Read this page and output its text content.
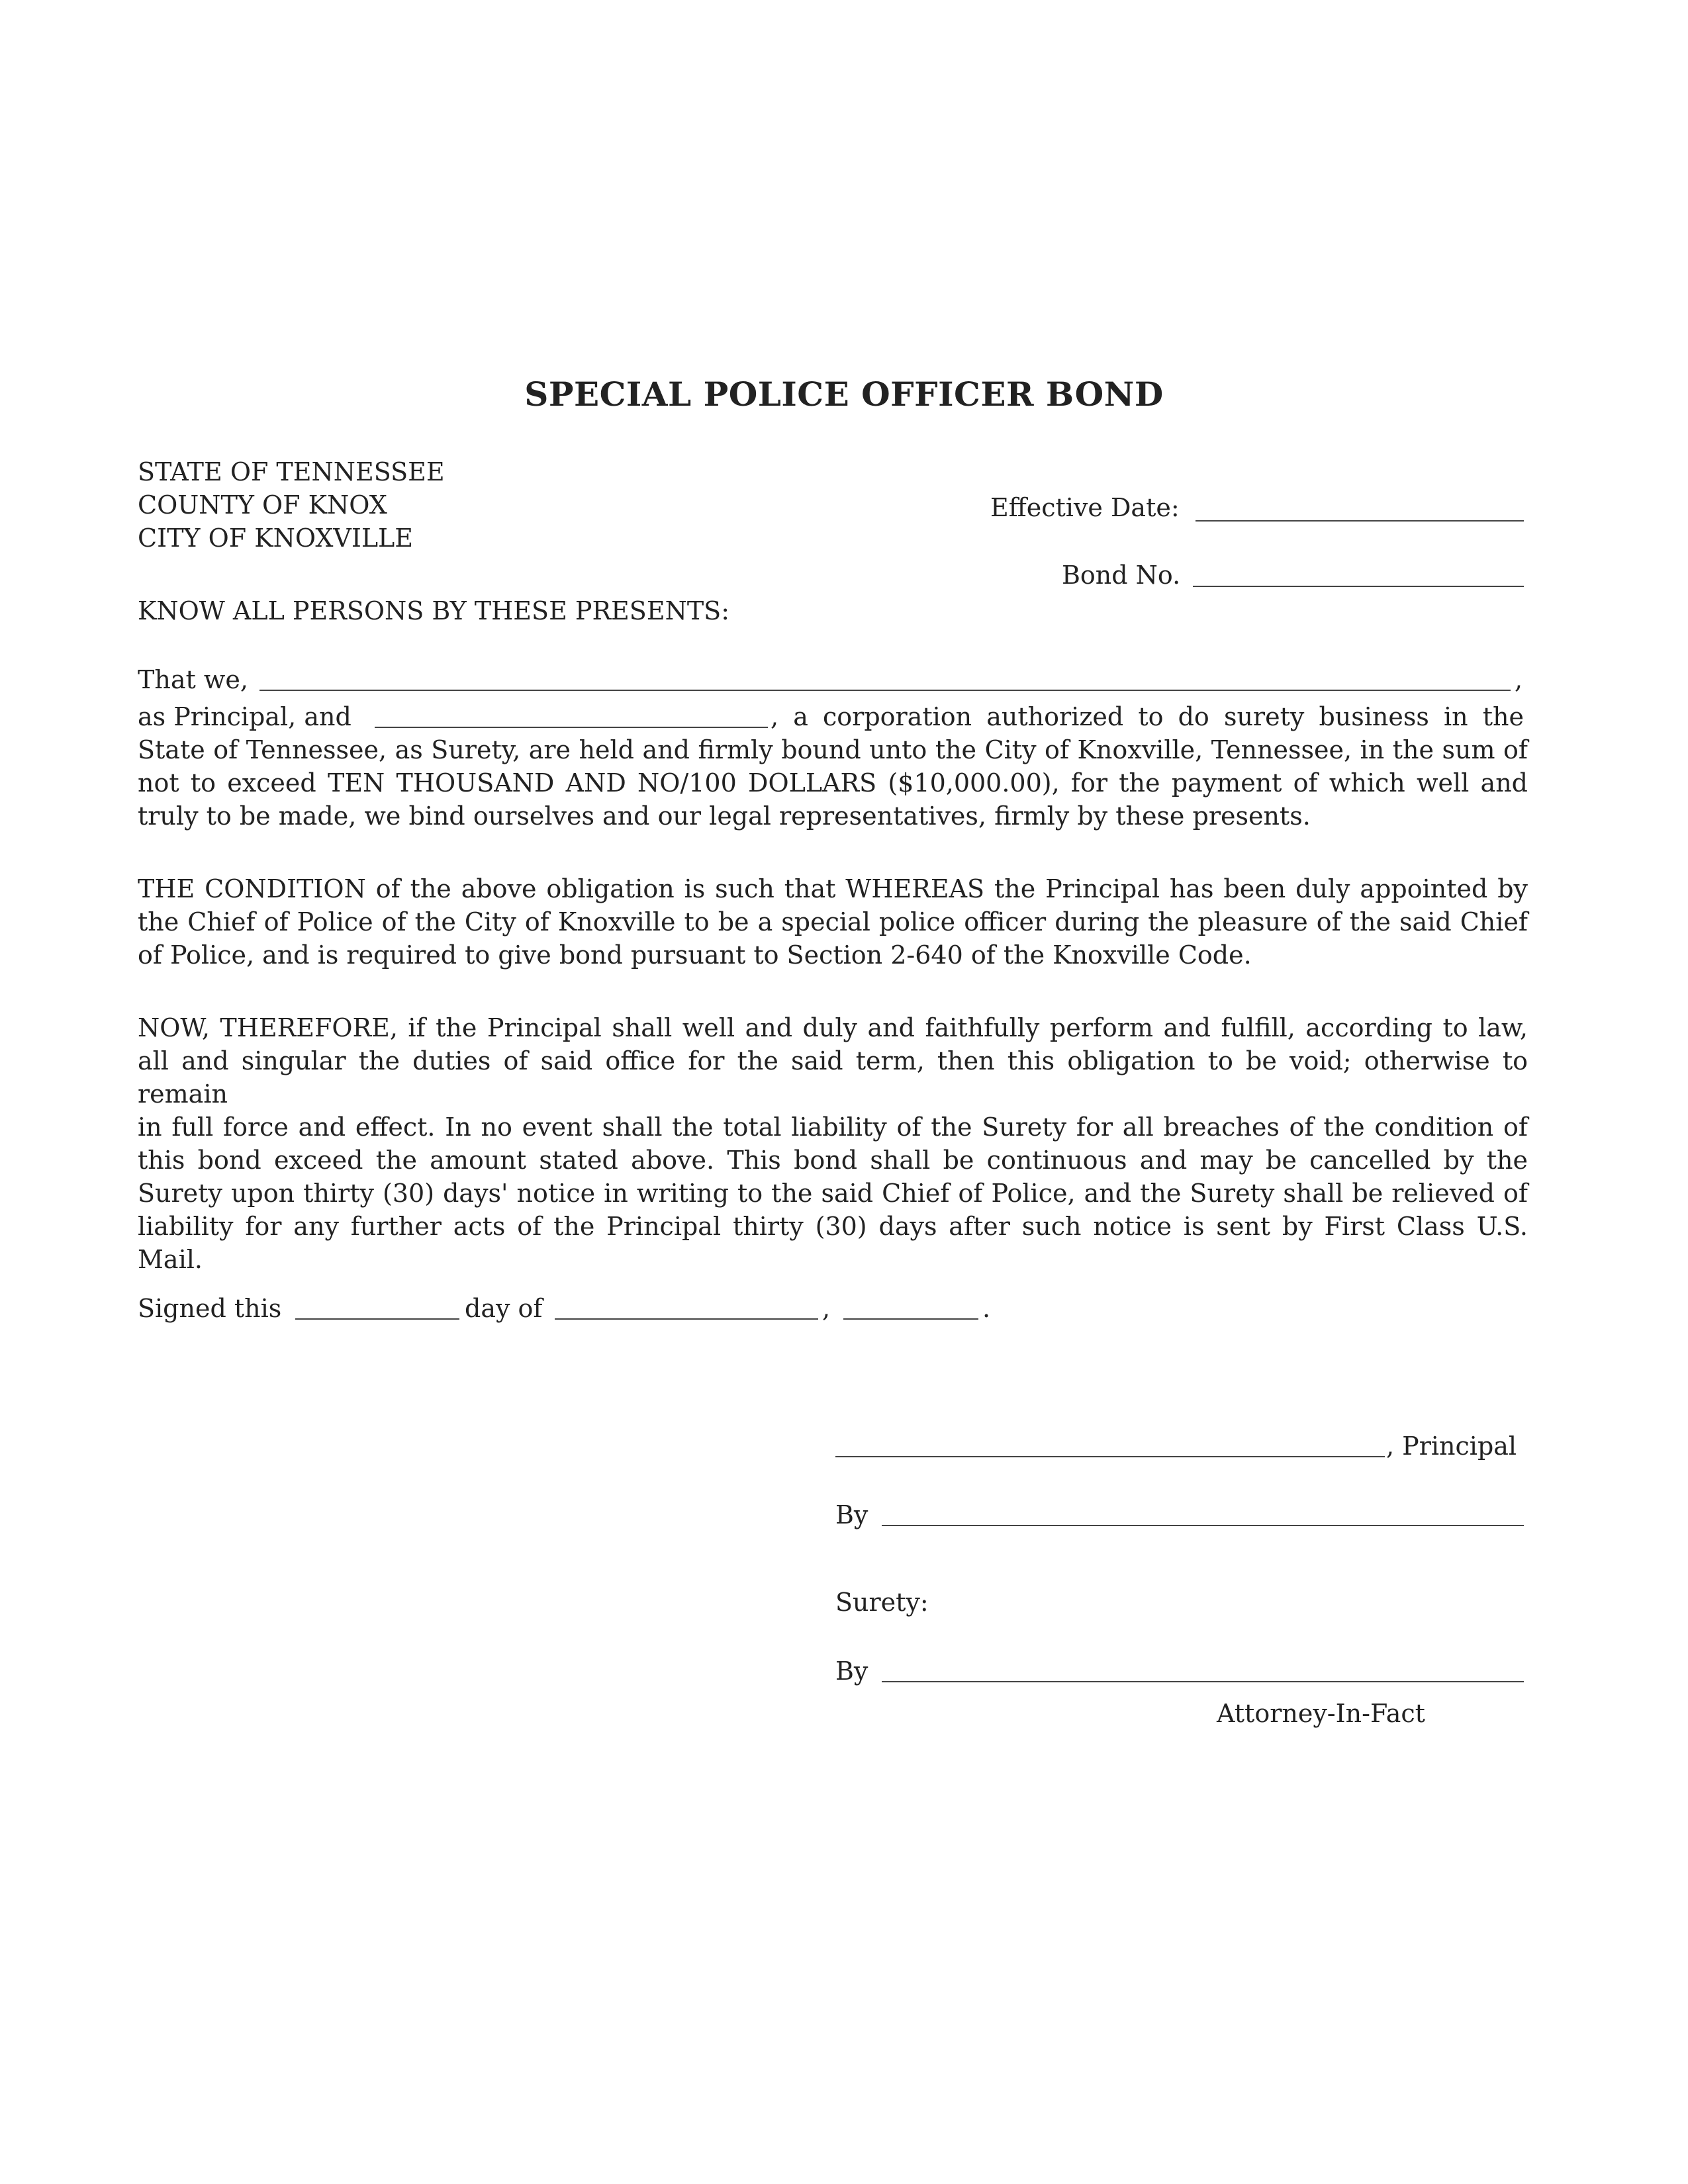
SPECIAL POLICE OFFICER BOND
STATE OF TENNESSEE
COUNTY OF KNOX
CITY OF KNOXVILLE
Effective Date:
Bond No.
KNOW ALL PERSONS BY THESE PRESENTS:
That we,	,
as Principal, and	, a corporation authorized to do surety business in the
State of Tennessee, as Surety, are held and firmly bound unto the City of Knoxville, Tennessee, in the sum of
not to exceed TEN THOUSAND AND NO/100 DOLLARS ($10,000.00), for the payment of which well and
truly to be made, we bind ourselves and our legal representatives, firmly by these presents.
THE CONDITION of the above obligation is such that WHEREAS the Principal has been duly appointed by
the Chief of Police of the City of Knoxville to be a special police officer during the pleasure of the said Chief
of Police, and is required to give bond pursuant to Section 2-640 of the Knoxville Code.
NOW, THEREFORE, if the Principal shall well and duly and faithfully perform and fulfill, according to law,
all and singular the duties of said office for the said term, then this obligation to be void; otherwise to remain
in full force and effect. In no event shall the total liability of the Surety for all breaches of the condition of
this bond exceed the amount stated above. This bond shall be continuous and may be cancelled by the
Surety upon thirty (30) days' notice in writing to the said Chief of Police, and the Surety shall be relieved of
liability for any further acts of the Principal thirty (30) days after such notice is sent by First Class U.S.
Mail.
Signed this	day of	,	.
, Principal
By
Surety:
By
Attorney-In-Fact
